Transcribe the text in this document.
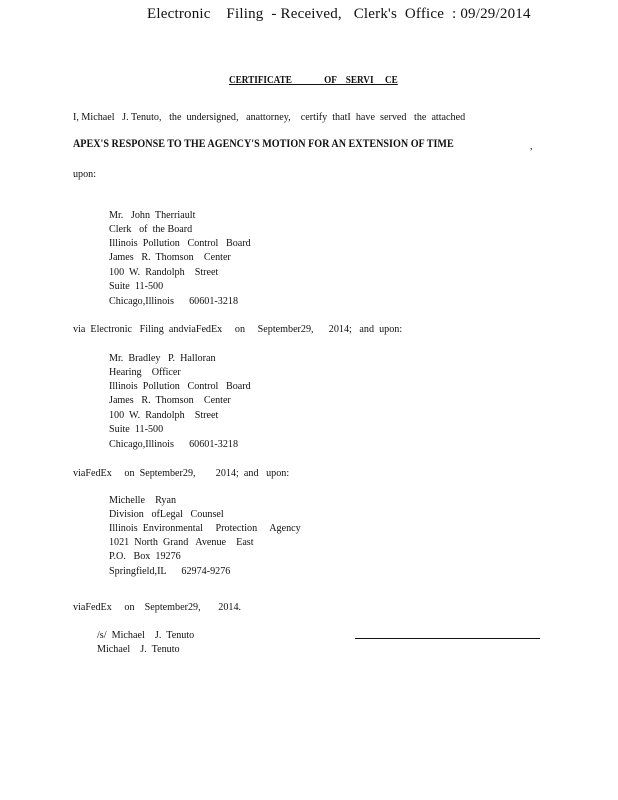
Electronic    Filing  - Received,   Clerk's  Office  : 09/29/2014
CERTIFICATE              OF    SERVI     CE
I, Michael   J. Tenuto,   the  undersigned,   anattorney,    certify  thatI  have  served   the  attached
APEX'S RESPONSE TO THE AGENCY'S MOTION FOR AN EXTENSION OF TIME	,
upon:
Mr.   John  Therriault
Clerk   of  the Board
Illinois  Pollution   Control   Board
James   R.  Thomson    Center
100  W.  Randolph    Street
Suite  11-500
Chicago,Illinois      60601-3218
via  Electronic   Filing  andviaFedEx     on     September29,      2014;   and  upon:
Mr.  Bradley   P.  Halloran
Hearing    Officer
Illinois  Pollution   Control   Board
James   R.  Thomson    Center
100  W.  Randolph    Street
Suite  11-500
Chicago,Illinois      60601-3218
viaFedEx     on  September29,        2014;  and   upon:
Michelle    Ryan
Division   ofLegal   Counsel
Illinois  Environmental     Protection     Agency
1021  North  Grand   Avenue    East
P.O.   Box  19276
Springfield,IL      62974-9276
viaFedEx     on    September29,       2014.
/s/  Michael    J.  Tenuto
Michael    J.  Tenuto
